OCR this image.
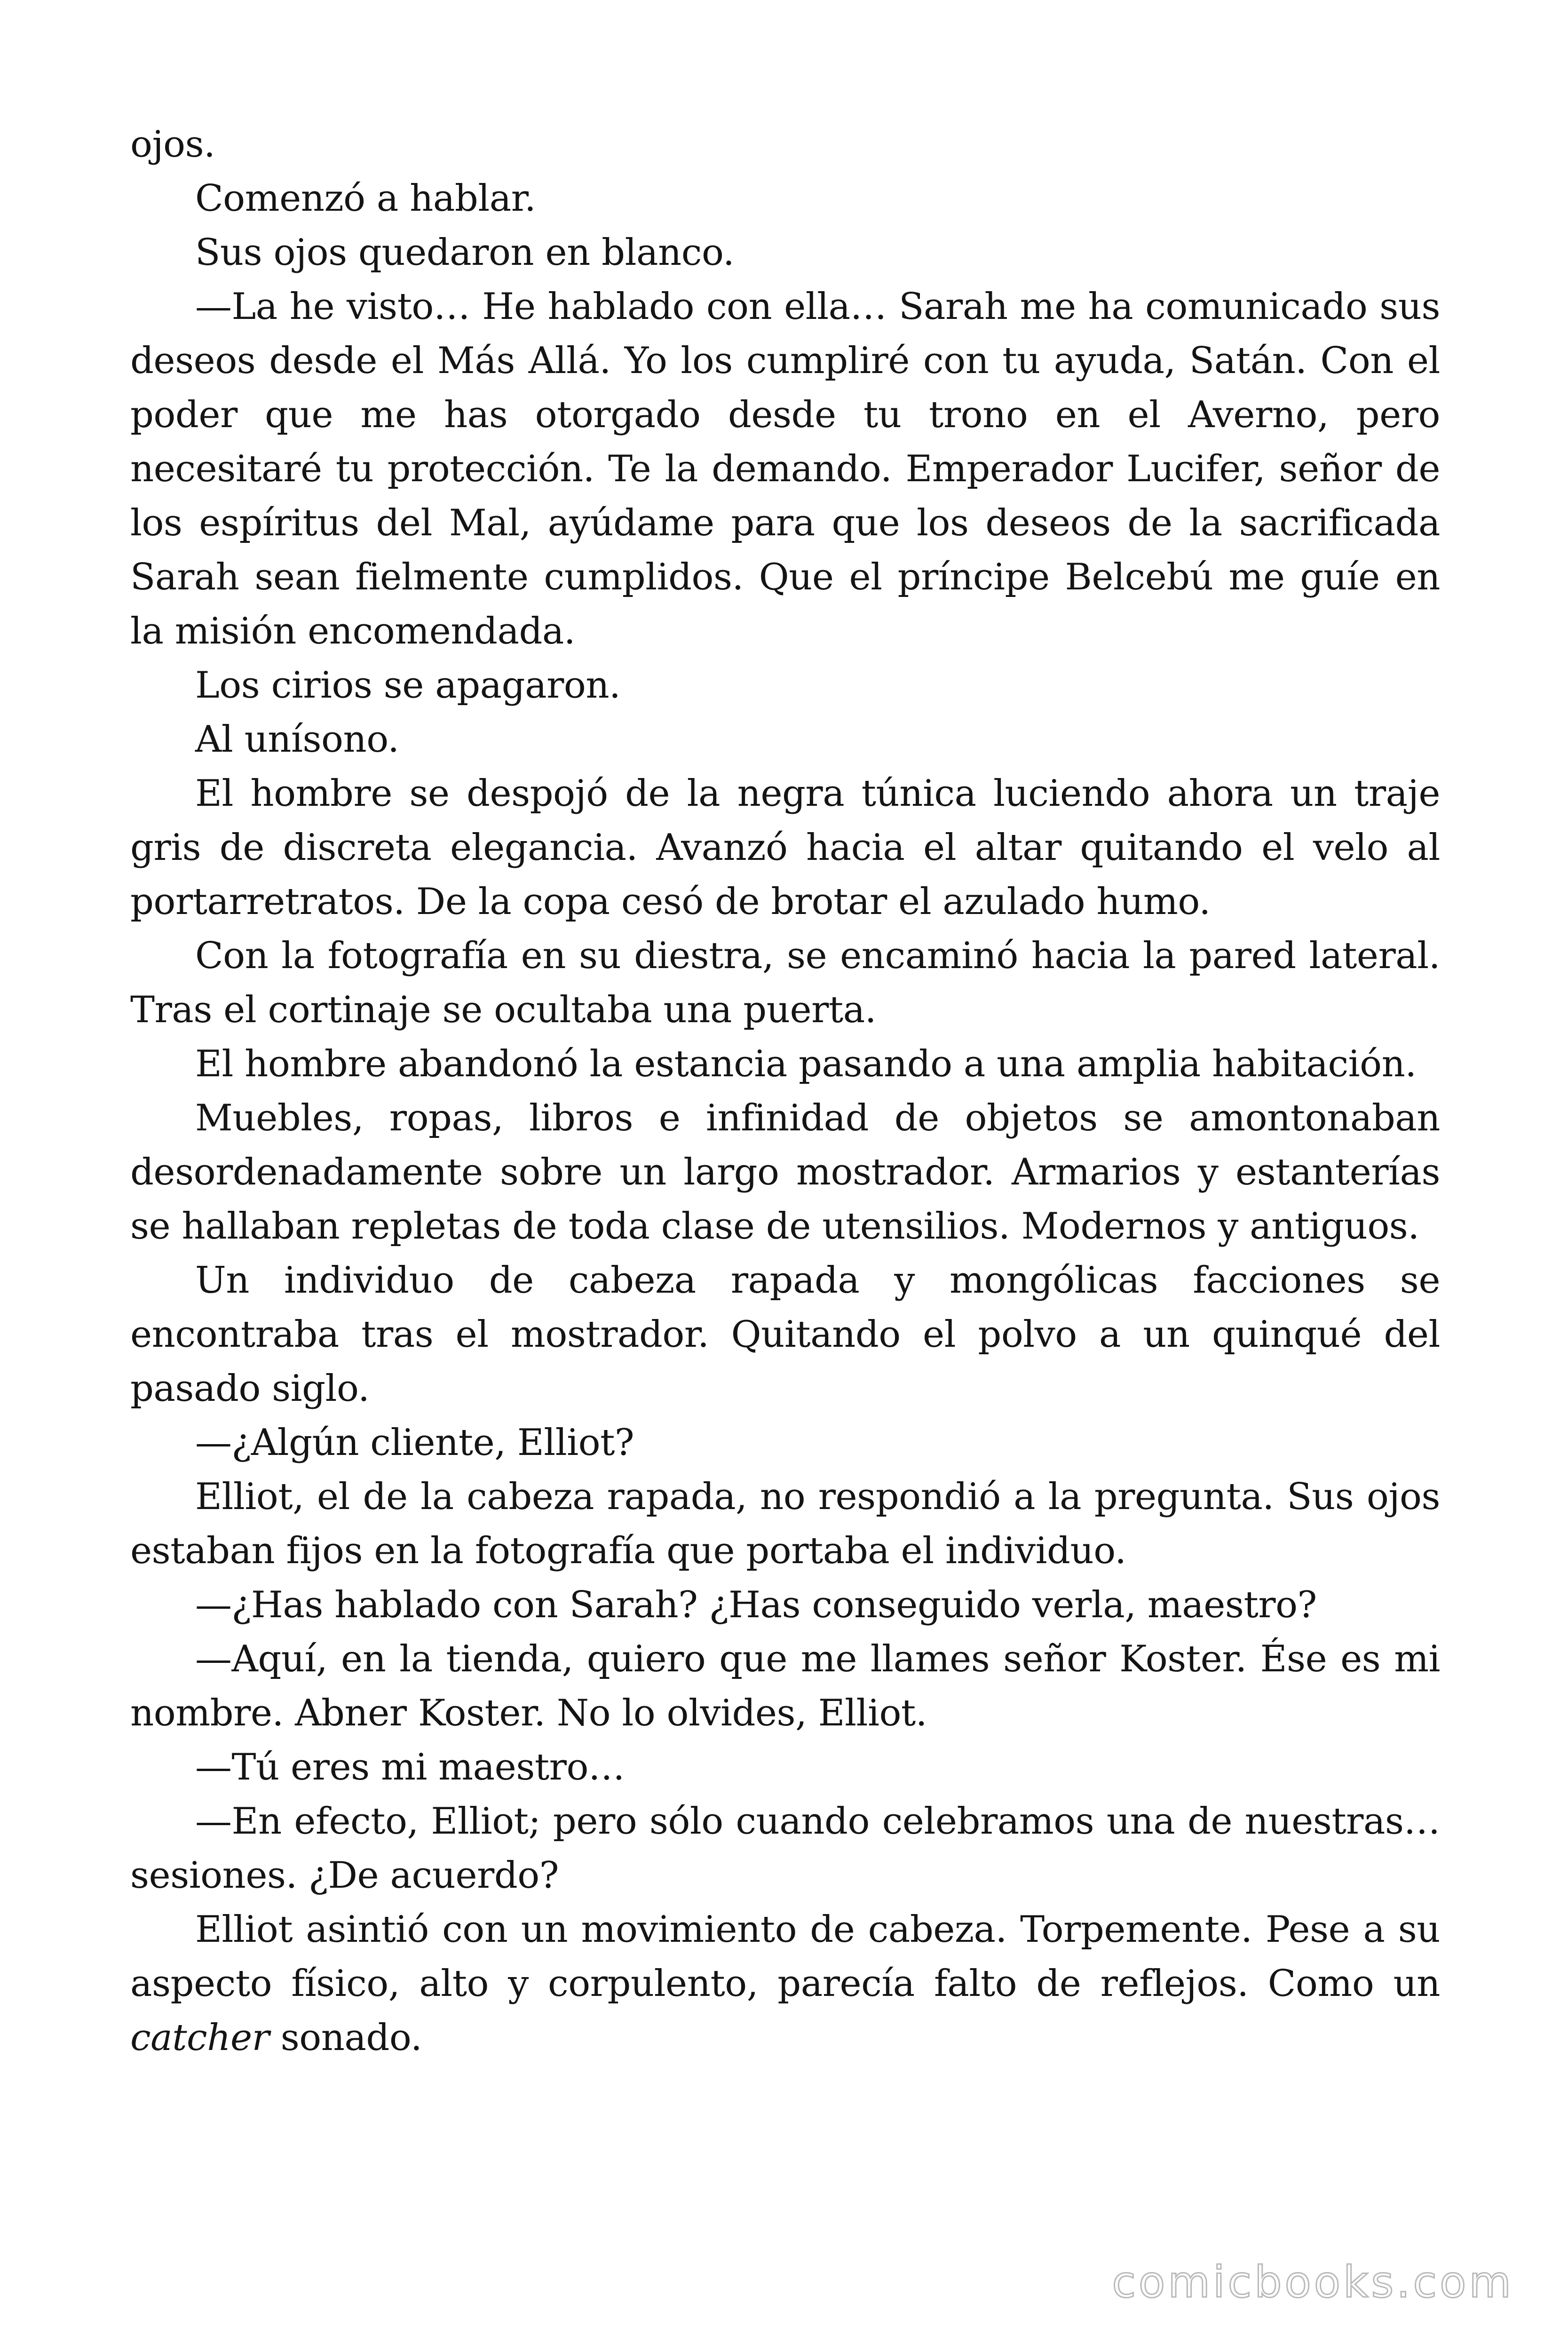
ojos.

Comenzó a hablar.

Sus ojos quedaron en blanco.

—La he visto… He hablado con ella… Sarah me ha comunicado sus deseos desde el Más Allá. Yo los cumpliré con tu ayuda, Satán. Con el poder que me has otorgado desde tu trono en el Averno, pero necesitaré tu protección. Te la demando. Emperador Lucifer, señor de los espíritus del Mal, ayúdame para que los deseos de la sacrificada Sarah sean fielmente cumplidos. Que el príncipe Belcebú me guíe en la misión encomendada.

Los cirios se apagaron.

Al unísono.

El hombre se despojó de la negra túnica luciendo ahora un traje gris de discreta elegancia. Avanzó hacia el altar quitando el velo al portarretratos. De la copa cesó de brotar el azulado humo.

Con la fotografía en su diestra, se encaminó hacia la pared lateral. Tras el cortinaje se ocultaba una puerta.

El hombre abandonó la estancia pasando a una amplia habitación.

Muebles, ropas, libros e infinidad de objetos se amontonaban desordenadamente sobre un largo mostrador. Armarios y estanterías se hallaban repletas de toda clase de utensilios. Modernos y antiguos.

Un individuo de cabeza rapada y mongólicas facciones se encontraba tras el mostrador. Quitando el polvo a un quinqué del pasado siglo.

—¿Algún cliente, Elliot?

Elliot, el de la cabeza rapada, no respondió a la pregunta. Sus ojos estaban fijos en la fotografía que portaba el individuo.

—¿Has hablado con Sarah? ¿Has conseguido verla, maestro?

—Aquí, en la tienda, quiero que me llames señor Koster. Ése es mi nombre. Abner Koster. No lo olvides, Elliot.

—Tú eres mi maestro…

—En efecto, Elliot; pero sólo cuando celebramos una de nuestras… sesiones. ¿De acuerdo?

Elliot asintió con un movimiento de cabeza. Torpemente. Pese a su aspecto físico, alto y corpulento, parecía falto de reflejos. Como un catcher sonado.

comicbooks.com
